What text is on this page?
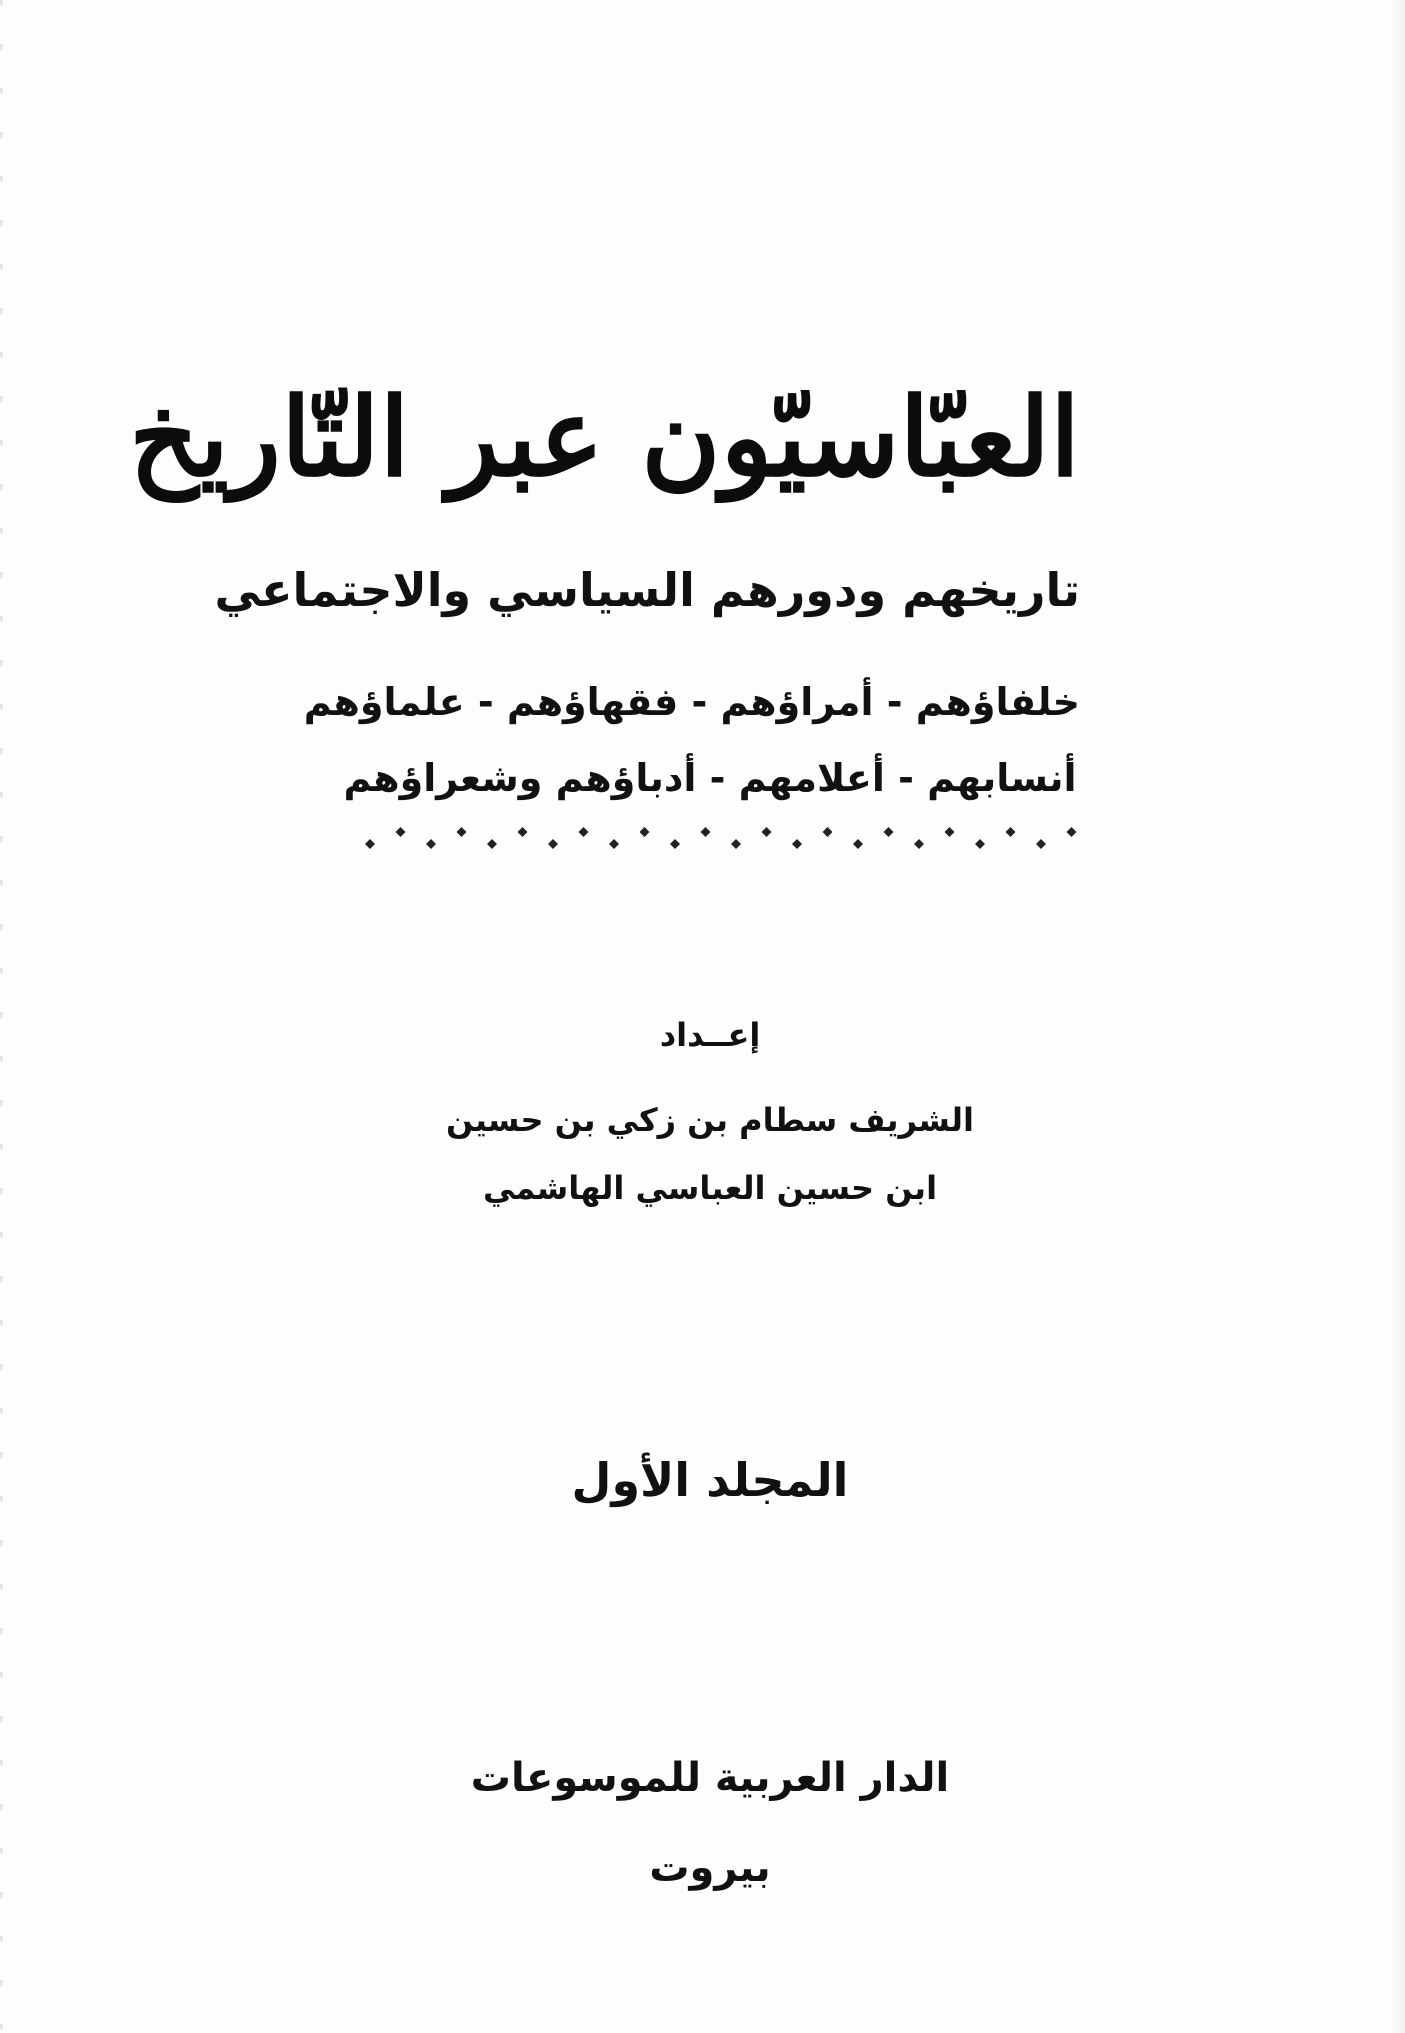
العبّاسيّون عبر التّاريخ
تاريخهم ودورهم السياسي والاجتماعي
خلفاؤهم - أمراؤهم - فقهاؤهم - علماؤهم
أنسابهم - أعلامهم - أدباؤهم وشعراؤهم
إعــداد
الشريف سطام بن زكي بن حسين
ابن حسين العباسي الهاشمي
المجلد الأول
الدار العربية للموسوعات
بيروت
